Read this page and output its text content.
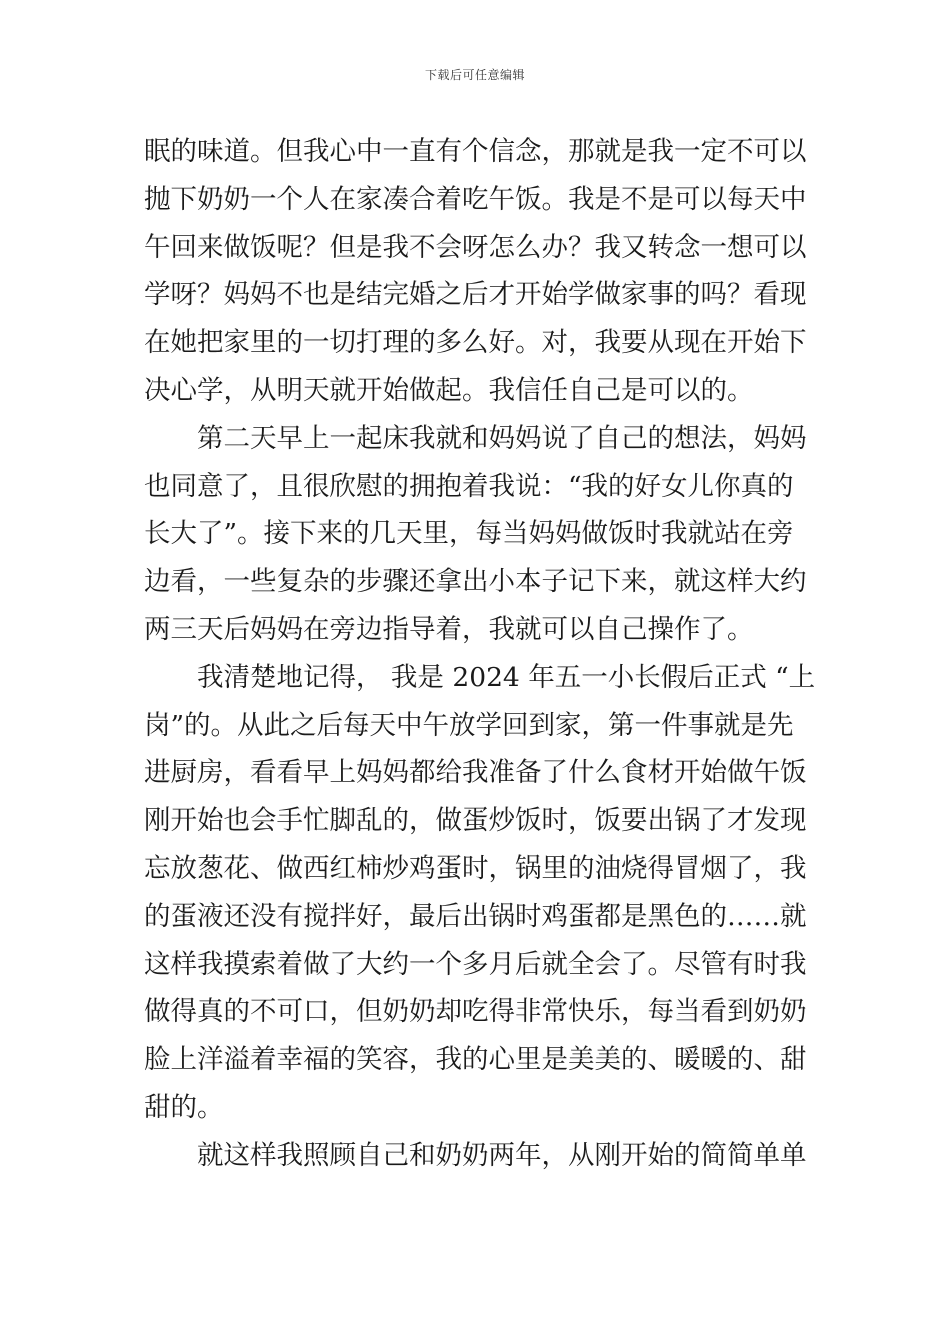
下载后可任意编辑
眠的味道。但我心中一直有个信念，那就是我一定不可以
抛下奶奶一个人在家凑合着吃午饭。我是不是可以每天中
午回来做饭呢？但是我不会呀怎么办？我又转念一想可以
学呀？妈妈不也是结完婚之后才开始学做家事的吗？看现
在她把家里的一切打理的多么好。对，我要从现在开始下
决心学，从明天就开始做起。我信任自己是可以的。
第二天早上一起床我就和妈妈说了自己的想法，妈妈
也同意了，且很欣慰的拥抱着我说：“我的好女儿你真的
长大了”。接下来的几天里，每当妈妈做饭时我就站在旁
边看，一些复杂的步骤还拿出小本子记下来，就这样大约
两三天后妈妈在旁边指导着，我就可以自己操作了。
我清楚地记得， 我是 2024 年五一小长假后正式 “上
岗”的。从此之后每天中午放学回到家，第一件事就是先
进厨房，看看早上妈妈都给我准备了什么食材开始做午饭
刚开始也会手忙脚乱的，做蛋炒饭时，饭要出锅了才发现
忘放葱花、做西红柿炒鸡蛋时，锅里的油烧得冒烟了，我
的蛋液还没有搅拌好，最后出锅时鸡蛋都是黑色的……就
这样我摸索着做了大约一个多月后就全会了。尽管有时我
做得真的不可口，但奶奶却吃得非常快乐，每当看到奶奶
脸上洋溢着幸福的笑容，我的心里是美美的、暖暖的、甜
甜的。
就这样我照顾自己和奶奶两年，从刚开始的简简单单
